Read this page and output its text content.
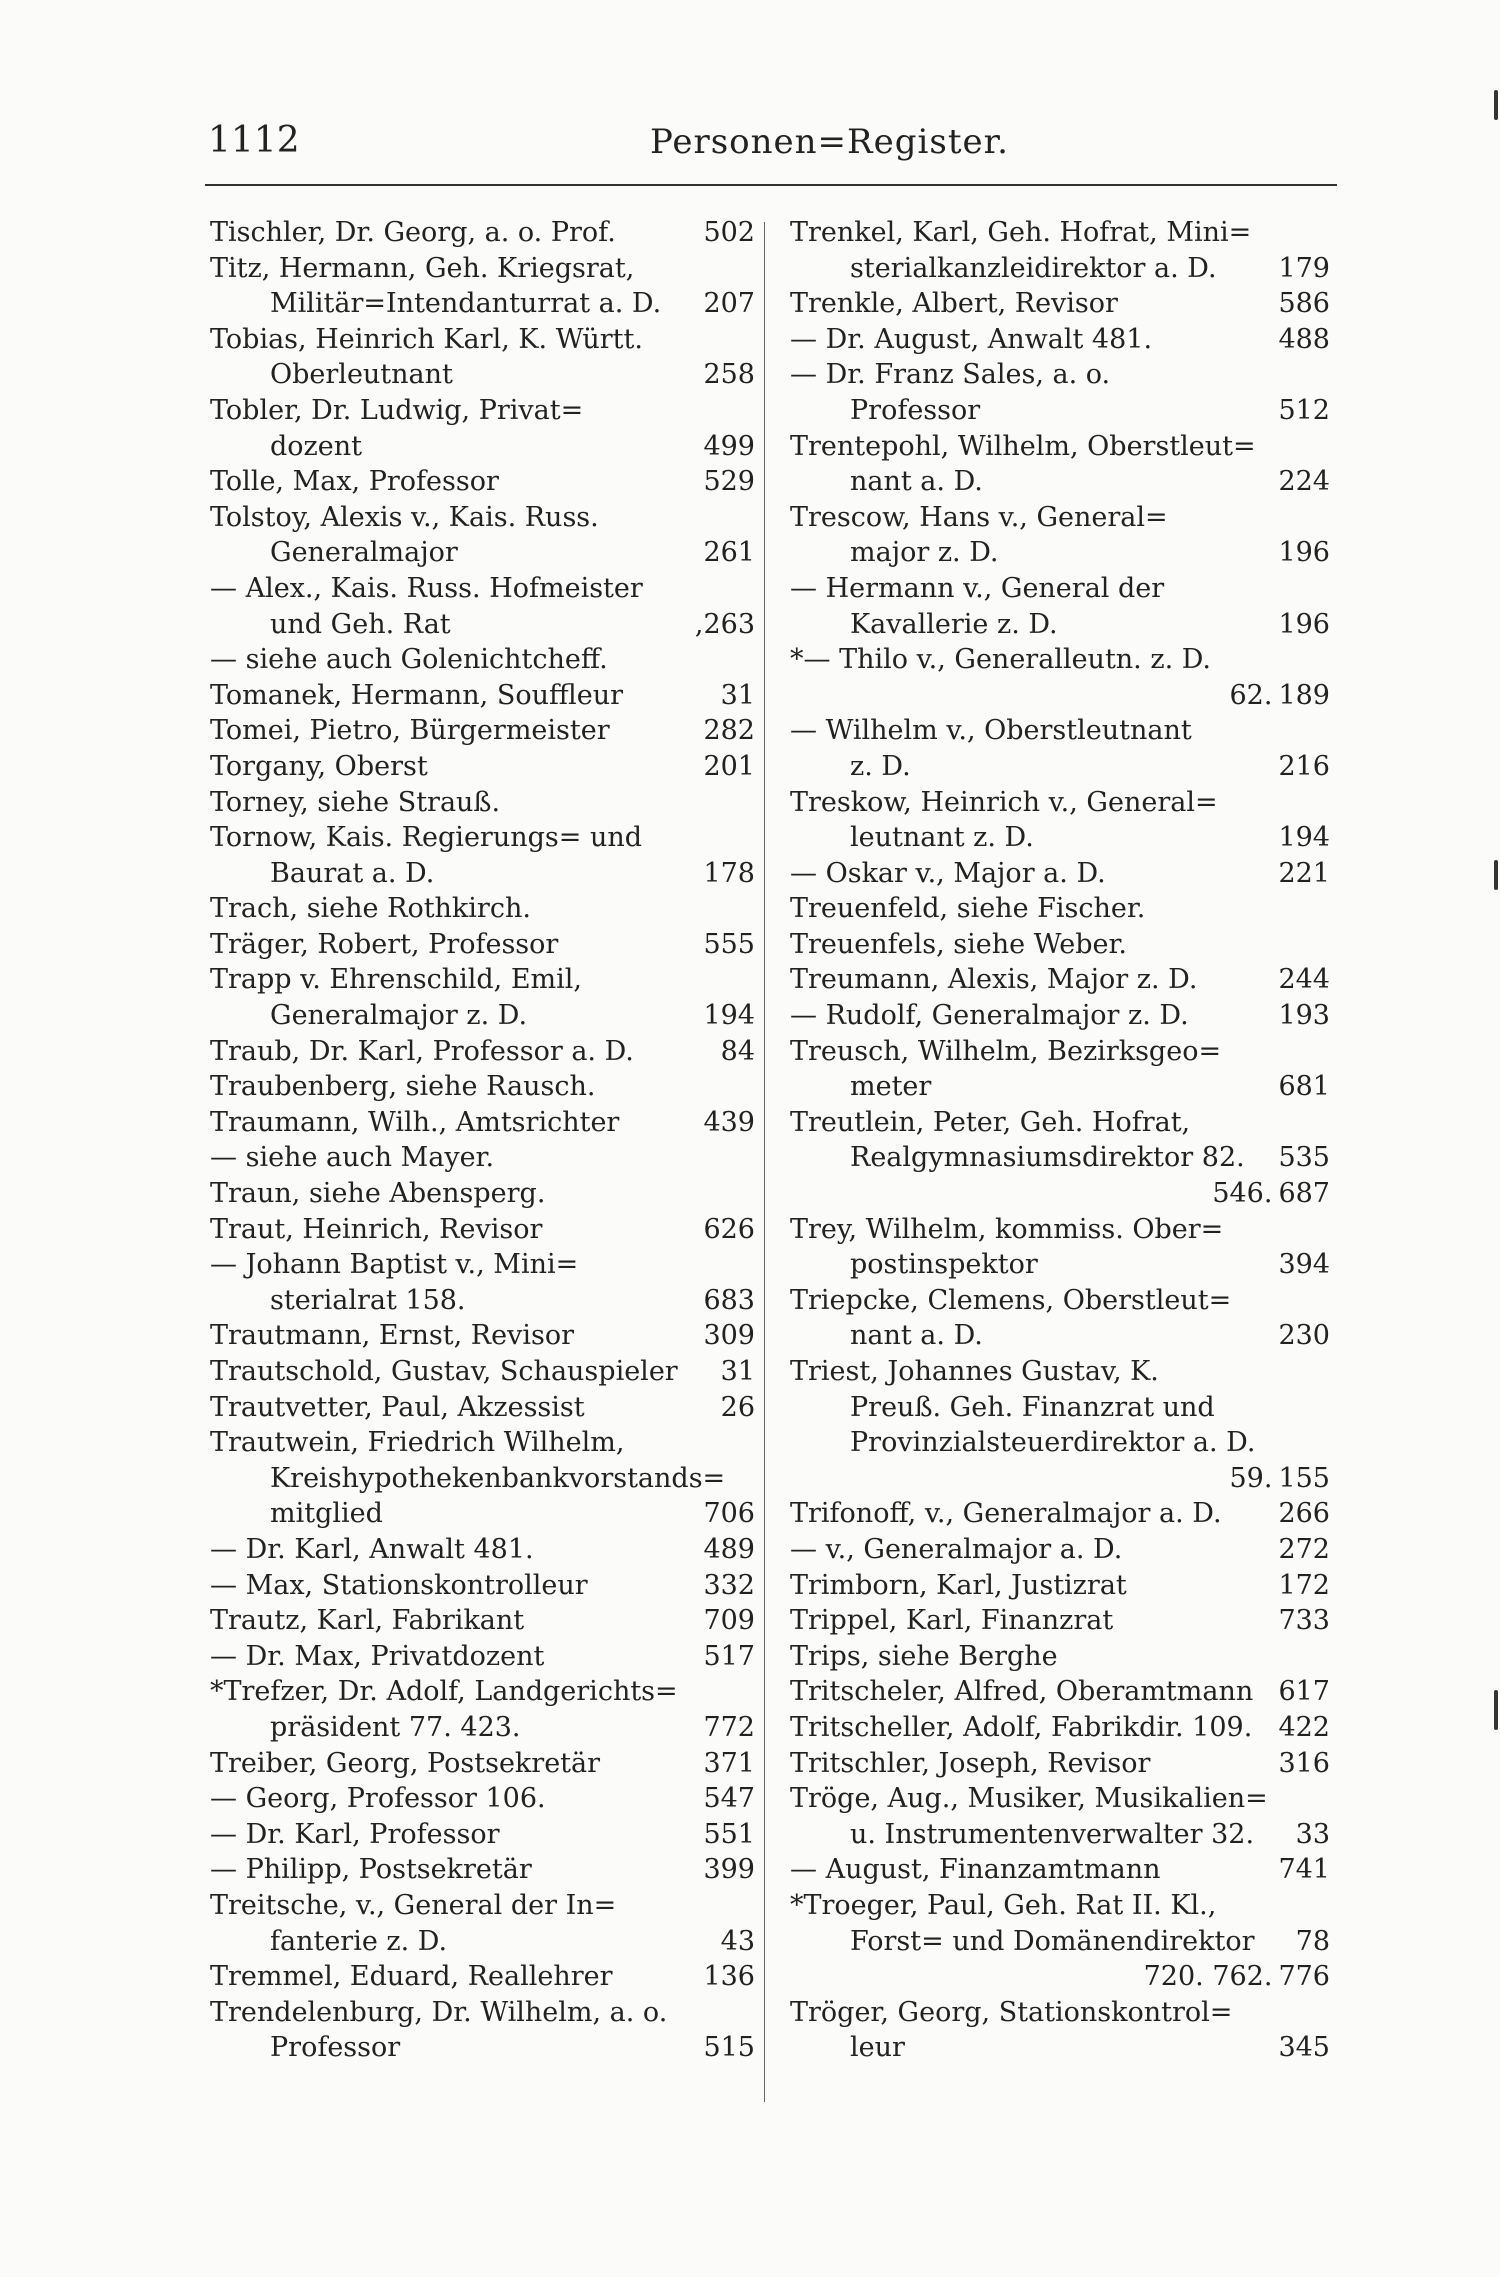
1112	Personen=Register.
Tischler, Dr. Georg, a. o. Prof.	502
Titz, Hermann, Geh. Kriegsrat,
Militär=Intendanturrat a. D.	207
Tobias, Heinrich Karl, K. Württ.
Oberleutnant	258
Tobler, Dr. Ludwig, Privat=
dozent	499
Tolle, Max, Professor	529
Tolstoy, Alexis v., Kais. Russ.
Generalmajor	261
— Alex., Kais. Russ. Hofmeister
und Geh. Rat	,263
— siehe auch Golenichtcheff.
Tomanek, Hermann, Souffleur	31
Tomei, Pietro, Bürgermeister	282
Torgany, Oberst	201
Torney, siehe Strauß.
Tornow, Kais. Regierungs= und
Baurat a. D.	178
Trach, siehe Rothkirch.
Träger, Robert, Professor	555
Trapp v. Ehrenschild, Emil,
Generalmajor z. D.	194
Traub, Dr. Karl, Professor a. D.	84
Traubenberg, siehe Rausch.
Traumann, Wilh., Amtsrichter	439
— siehe auch Mayer.
Traun, siehe Abensperg.
Traut, Heinrich, Revisor	626
— Johann Baptist v., Mini=
sterialrat 158.	683
Trautmann, Ernst, Revisor	309
Trautschold, Gustav, Schauspieler	31
Trautvetter, Paul, Akzessist	26
Trautwein, Friedrich Wilhelm,
Kreishypothekenbankvorstands=
mitglied	706
— Dr. Karl, Anwalt 481.	489
— Max, Stationskontrolleur	332
Trautz, Karl, Fabrikant	709
— Dr. Max, Privatdozent	517
*Trefzer, Dr. Adolf, Landgerichts=
präsident 77. 423.	772
Treiber, Georg, Postsekretär	371
— Georg, Professor 106.	547
— Dr. Karl, Professor	551
— Philipp, Postsekretär	399
Treitsche, v., General der In=
fanterie z. D.	43
Tremmel, Eduard, Reallehrer	136
Trendelenburg, Dr. Wilhelm, a. o.
Professor	515
Trenkel, Karl, Geh. Hofrat, Mini=
sterialkanzleidirektor a. D.	179
Trenkle, Albert, Revisor	586
— Dr. August, Anwalt 481.	488
— Dr. Franz Sales, a. o.
Professor	512
Trentepohl, Wilhelm, Oberstleut=
nant a. D.	224
Trescow, Hans v., General=
major z. D.	196
— Hermann v., General der
Kavallerie z. D.	196
*— Thilo v., Generalleutn. z. D.
62. 189
— Wilhelm v., Oberstleutnant
z. D.	216
Treskow, Heinrich v., General=
leutnant z. D.	194
— Oskar v., Major a. D.	221
Treuenfeld, siehe Fischer.
Treuenfels, siehe Weber.
Treumann, Alexis, Major z. D.	244
— Rudolf, Generalmajor z. D.	193
Treusch, Wilhelm, Bezirksgeo=
meter	681
Treutlein, Peter, Geh. Hofrat,
Realgymnasiumsdirektor 82.	535
546. 687
Trey, Wilhelm, kommiss. Ober=
postinspektor	394
Triepcke, Clemens, Oberstleut=
nant a. D.	230
Triest, Johannes Gustav, K.
Preuß. Geh. Finanzrat und
Provinzialsteuerdirektor a. D.
59. 155
Trifonoff, v., Generalmajor a. D.	266
— v., Generalmajor a. D.	272
Trimborn, Karl, Justizrat	172
Trippel, Karl, Finanzrat	733
Trips, siehe Berghe
Tritscheler, Alfred, Oberamtmann 617
Tritscheller, Adolf, Fabrikdir. 109. 422
Tritschler, Joseph, Revisor	316
Tröge, Aug., Musiker, Musikalien=
u. Instrumentenverwalter 32.	33
— August, Finanzamtmann	741
*Troeger, Paul, Geh. Rat II. Kl.,
Forst= und Domänendirektor	78
720. 762. 776
Tröger, Georg, Stationskontrol=
leur	345
